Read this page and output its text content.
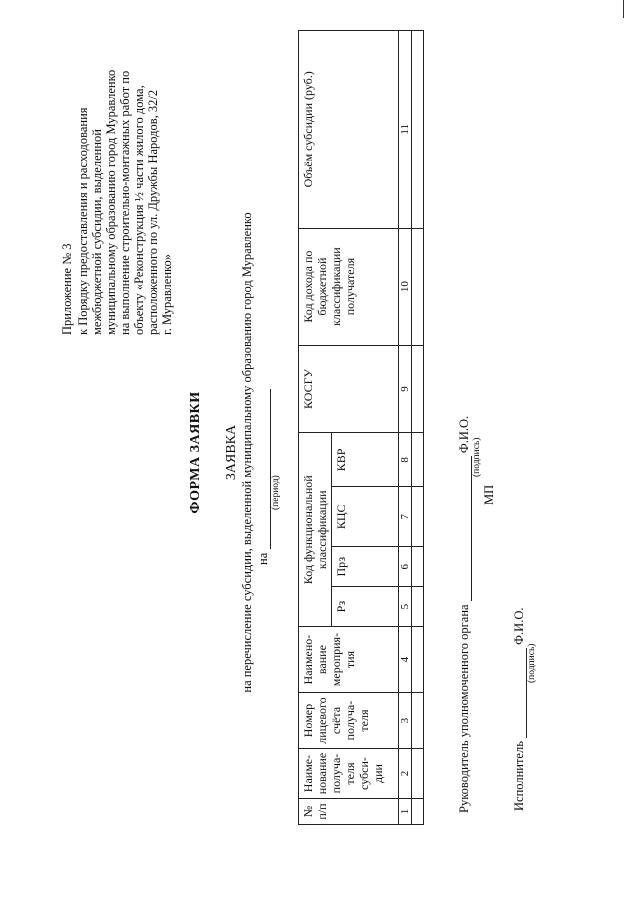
Приложение № 3 к Порядку предоставления и расходования межбюджетной субсидии, выделенной муниципальному образованию город Муравленко на выполнение строительно-монтажных работ по объекту «Реконструкция ½ части жилого дома, расположенного по ул. Дружбы Народов, 32/2 г. Муравленко»
ФОРМА ЗАЯВКИ ЗАЯВКА на перечисление субсидии, выделенной муниципальному образованию город Муравленко на
(период)
№ п/п	Наиме-нование получа-теля субси-дии	Номер лицевого счёта получа-теля	Наимено-вание мероприя-тия	Код функциональной классификации				КОСГУ	Код дохода по бюджетной классификации получателя	Объём субсидии (руб.)
				Рз	Прз	КЦС	КВР			
1	2	3	4	5	6	7	8	9	10	11

Руководитель уполномоченного органа  Ф.И.О.
(подпись)
МП
Исполнитель  Ф.И.О.
(подпись)
